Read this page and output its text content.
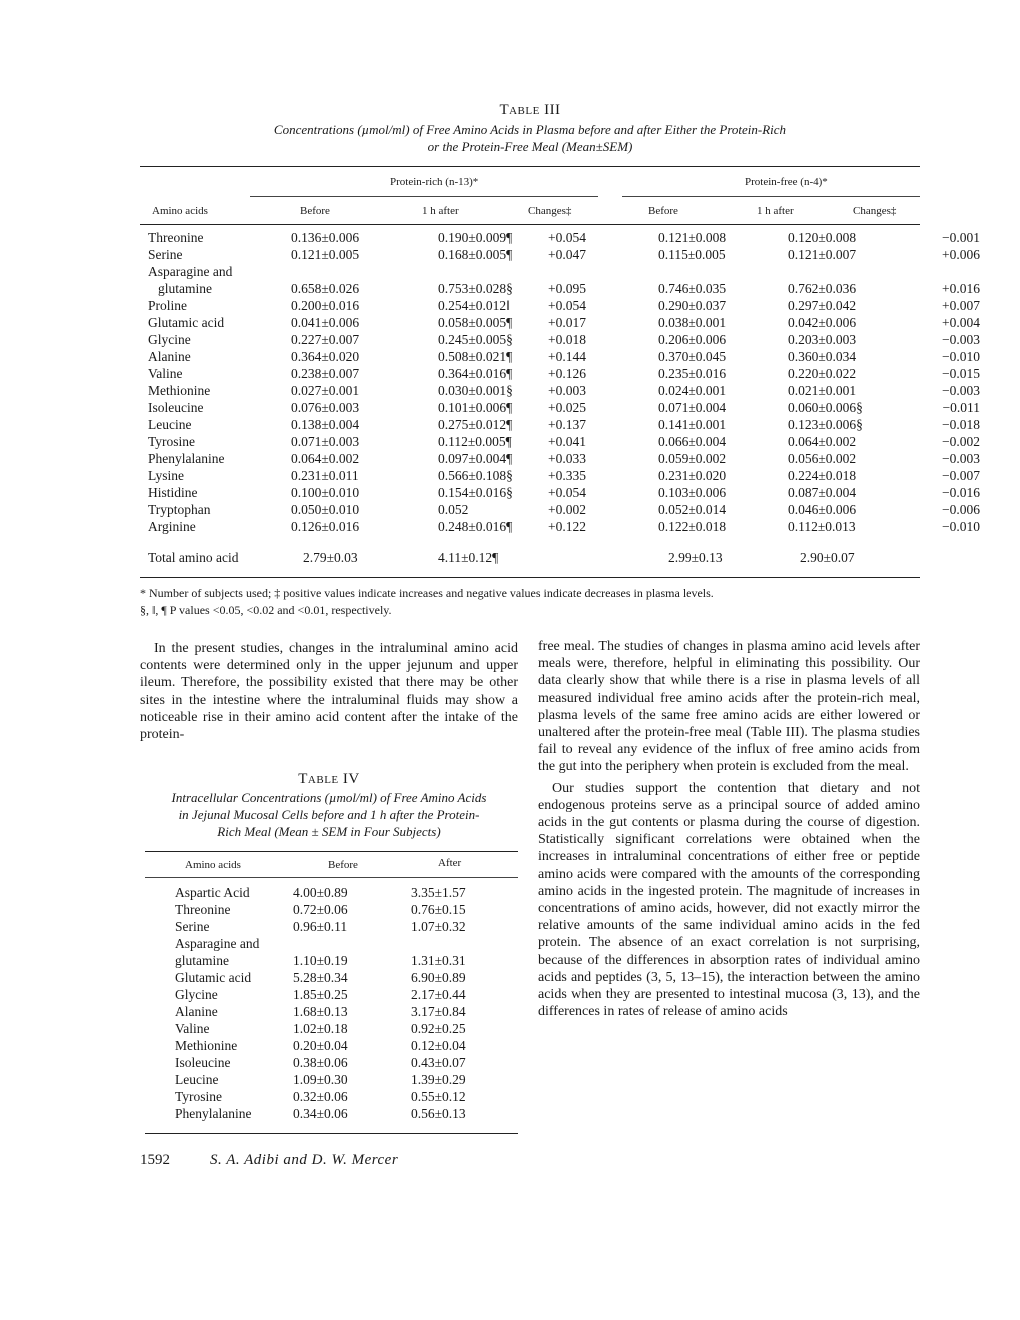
Table III
Concentrations (µmol/ml) of Free Amino Acids in Plasma before and after Either the Protein-Rich
or the Protein-Free Meal (Mean±SEM)
Protein-rich (n-13)*	Protein-free (n-4)*
Amino acids	Before	1 h after	Changes‡	Before	1 h after	Changes‡
Threonine	0.136±0.006	0.190±0.009¶	+0.054	0.121±0.008	0.120±0.008	−0.001
Serine	0.121±0.005	0.168±0.005¶	+0.047	0.115±0.005	0.121±0.007	+0.006
Asparagine and						
glutamine	0.658±0.026	0.753±0.028§	+0.095	0.746±0.035	0.762±0.036	+0.016
Proline	0.200±0.016	0.254±0.012‖	+0.054	0.290±0.037	0.297±0.042	+0.007
Glutamic acid	0.041±0.006	0.058±0.005¶	+0.017	0.038±0.001	0.042±0.006	+0.004
Glycine	0.227±0.007	0.245±0.005§	+0.018	0.206±0.006	0.203±0.003	−0.003
Alanine	0.364±0.020	0.508±0.021¶	+0.144	0.370±0.045	0.360±0.034	−0.010
Valine	0.238±0.007	0.364±0.016¶	+0.126	0.235±0.016	0.220±0.022	−0.015
Methionine	0.027±0.001	0.030±0.001§	+0.003	0.024±0.001	0.021±0.001	−0.003
Isoleucine	0.076±0.003	0.101±0.006¶	+0.025	0.071±0.004	0.060±0.006§	−0.011
Leucine	0.138±0.004	0.275±0.012¶	+0.137	0.141±0.001	0.123±0.006§	−0.018
Tyrosine	0.071±0.003	0.112±0.005¶	+0.041	0.066±0.004	0.064±0.002	−0.002
Phenylalanine	0.064±0.002	0.097±0.004¶	+0.033	0.059±0.002	0.056±0.002	−0.003
Lysine	0.231±0.011	0.566±0.108§	+0.335	0.231±0.020	0.224±0.018	−0.007
Histidine	0.100±0.010	0.154±0.016§	+0.054	0.103±0.006	0.087±0.004	−0.016
Tryptophan	0.050±0.010	0.052	+0.002	0.052±0.014	0.046±0.006	−0.006
Arginine	0.126±0.016	0.248±0.016¶	+0.122	0.122±0.018	0.112±0.013	−0.010

Total amino acid	2.79±0.03	4.11±0.12¶		2.99±0.13	2.90±0.07	
* Number of subjects used; ‡ positive values indicate increases and negative values indicate decreases in plasma levels.
§, ‖, ¶ P values <0.05, <0.02 and <0.01, respectively.

In the present studies, changes in the intraluminal amino acid contents were determined only in the upper jejunum and upper ileum. Therefore, the possibility existed that there may be other sites in the intestine where the intraluminal fluids may show a noticeable rise in their amino acid content after the intake of the protein-

Table IV
Intracellular Concentrations (µmol/ml) of Free Amino Acids
in Jejunal Mucosal Cells before and 1 h after the Protein-
Rich Meal (Mean ± SEM in Four Subjects)
Amino acids	Before	After
Aspartic Acid	4.00±0.89	3.35±1.57
Threonine	0.72±0.06	0.76±0.15
Serine	0.96±0.11	1.07±0.32
Asparagine and		
glutamine	1.10±0.19	1.31±0.31
Glutamic acid	5.28±0.34	6.90±0.89
Glycine	1.85±0.25	2.17±0.44
Alanine	1.68±0.13	3.17±0.84
Valine	1.02±0.18	0.92±0.25
Methionine	0.20±0.04	0.12±0.04
Isoleucine	0.38±0.06	0.43±0.07
Leucine	1.09±0.30	1.39±0.29
Tyrosine	0.32±0.06	0.55±0.12
Phenylalanine	0.34±0.06	0.56±0.13

free meal. The studies of changes in plasma amino acid levels after meals were, therefore, helpful in eliminating this possibility. Our data clearly show that while there is a rise in plasma levels of all measured individual free amino acids after the protein-rich meal, plasma levels of the same free amino acids are either lowered or unaltered after the protein-free meal (Table III). The plasma studies fail to reveal any evidence of the influx of free amino acids from the gut into the periphery when protein is excluded from the meal.

Our studies support the contention that dietary and not endogenous proteins serve as a principal source of added amino acids in the gut contents or plasma during the course of digestion. Statistically significant correlations were obtained when the increases in intraluminal concentrations of either free or peptide amino acids were compared with the amounts of the corresponding amino acids in the ingested protein. The magnitude of increases in concentrations of amino acids, however, did not exactly mirror the relative amounts of the same individual amino acids in the fed protein. The absence of an exact correlation is not surprising, because of the differences in absorption rates of individual amino acids and peptides (3, 5, 13–15), the interaction between the amino acids when they are presented to intestinal mucosa (3, 13), and the differences in rates of release of amino acids

1592	S. A. Adibi and D. W. Mercer
